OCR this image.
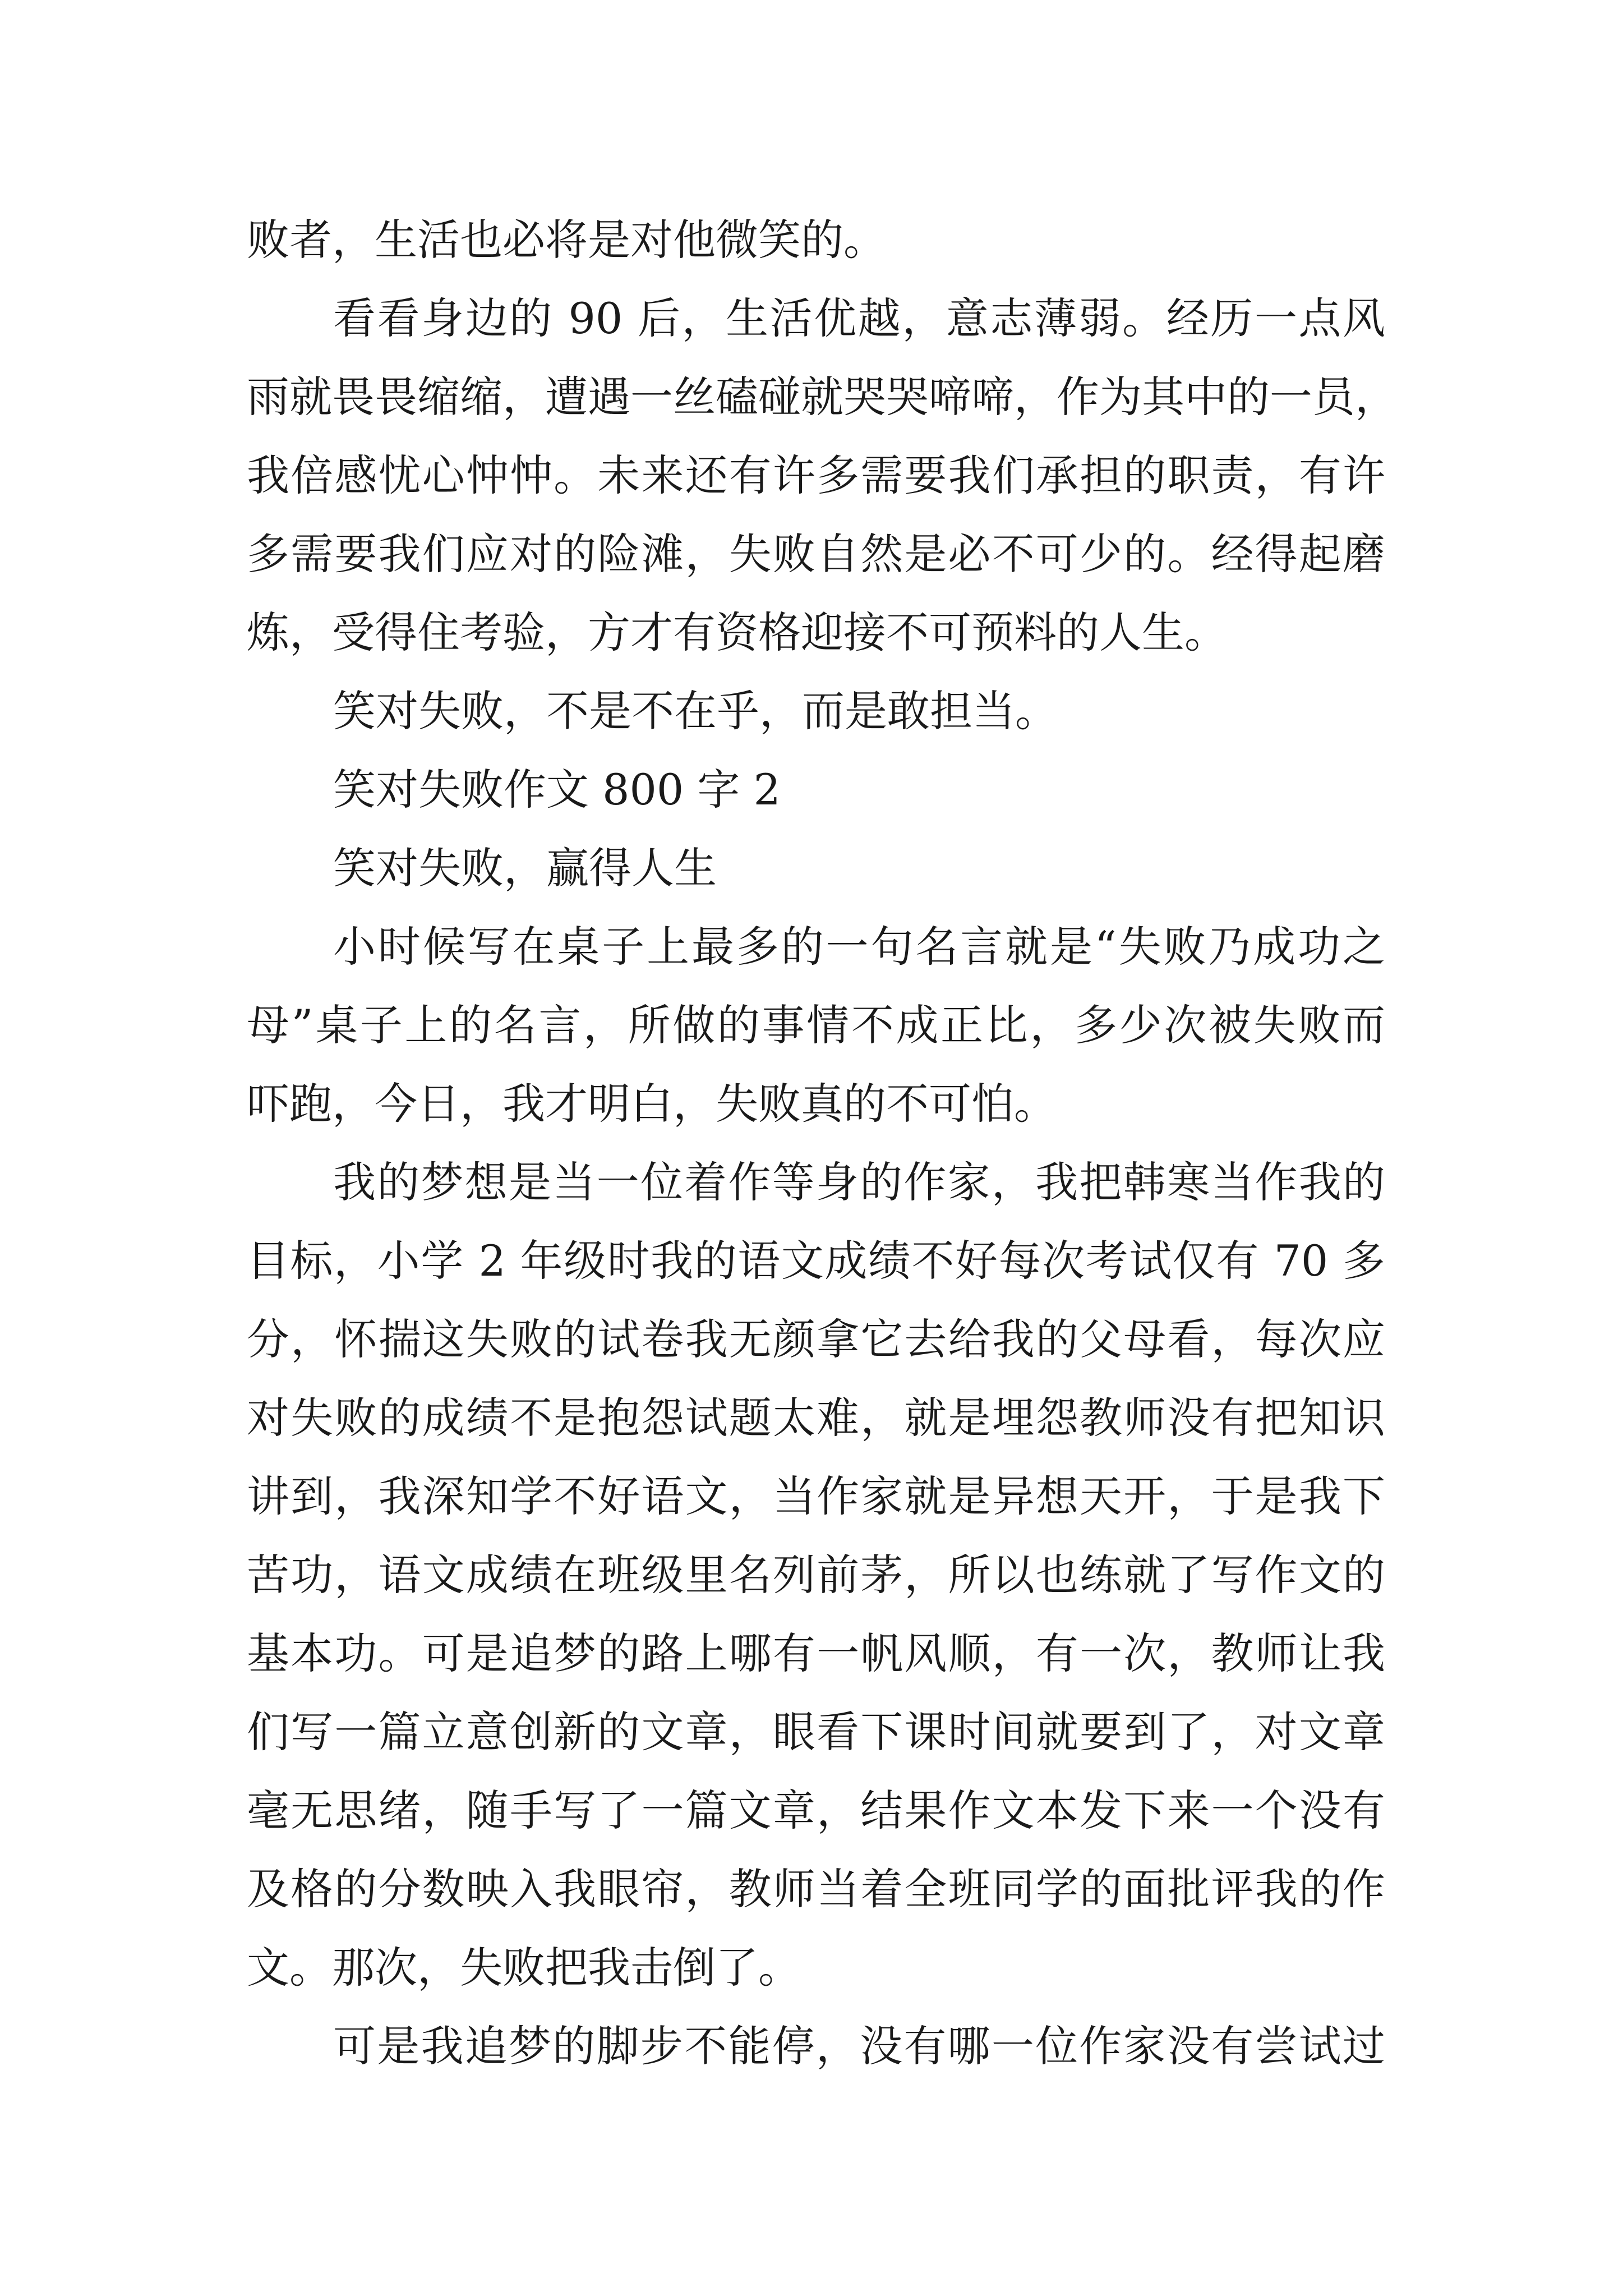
败者，生活也必将是对他微笑的。
看看身边的 90 后，生活优越，意志薄弱。经历一点风
雨就畏畏缩缩，遭遇一丝磕碰就哭哭啼啼，作为其中的一员，
我倍感忧心忡忡。未来还有许多需要我们承担的职责，有许
多需要我们应对的险滩，失败自然是必不可少的。经得起磨
炼，受得住考验，方才有资格迎接不可预料的人生。
笑对失败，不是不在乎，而是敢担当。
笑对失败作文 800 字 2
笑对失败，赢得人生
小时候写在桌子上最多的一句名言就是“失败乃成功之
母”桌子上的名言，所做的事情不成正比，多少次被失败而
吓跑，今日，我才明白，失败真的不可怕。
我的梦想是当一位着作等身的作家，我把韩寒当作我的
目标，小学 2 年级时我的语文成绩不好每次考试仅有 70 多
分，怀揣这失败的试卷我无颜拿它去给我的父母看，每次应
对失败的成绩不是抱怨试题太难，就是埋怨教师没有把知识
讲到，我深知学不好语文，当作家就是异想天开，于是我下
苦功，语文成绩在班级里名列前茅，所以也练就了写作文的
基本功。可是追梦的路上哪有一帆风顺，有一次，教师让我
们写一篇立意创新的文章，眼看下课时间就要到了，对文章
毫无思绪，随手写了一篇文章，结果作文本发下来一个没有
及格的分数映入我眼帘，教师当着全班同学的面批评我的作
文。那次，失败把我击倒了。
可是我追梦的脚步不能停，没有哪一位作家没有尝试过
